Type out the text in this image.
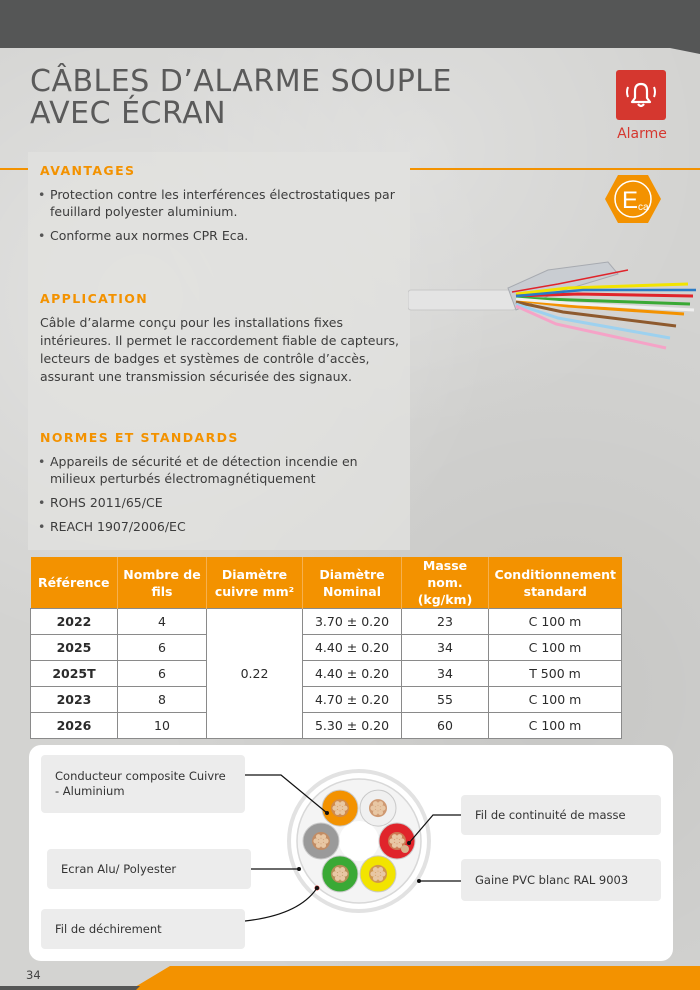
CÂBLES D’ALARME SOUPLE AVEC ÉCRAN
Alarme
E ca
AVANTAGES
• Protection contre les interférences électrostatiques par feuillard polyester aluminium.
• Conforme aux normes CPR Eca.
APPLICATION

Câble d’alarme conçu pour les installations fixes intérieures. Il permet le raccordement fiable de capteurs, lecteurs de badges et systèmes de contrôle d’accès, assurant une transmission sécurisée des signaux.

NORMES ET STANDARDS
• Appareils de sécurité et de détection incendie en milieux perturbés électromagnétiquement
• ROHS 2011/65/CE
• REACH 1907/2006/EC
Référence	Nombre de fils	Diamètre cuivre mm²	Diamètre Nominal	Masse nom. (kg/km)	Conditionnement standard
2022	4	0.22	3.70 ± 0.20	23	C 100 m
2025	6		4.40 ± 0.20	34	C 100 m
2025T	6		4.40 ± 0.20	34	T 500 m
2023	8		4.70 ± 0.20	55	C 100 m
2026	10		5.30 ± 0.20	60	C 100 m
Conducteur composite Cuivre - Aluminium
Ecran Alu/ Polyester
Fil de déchirement
Fil de continuité de masse
Gaine PVC blanc RAL 9003
34
